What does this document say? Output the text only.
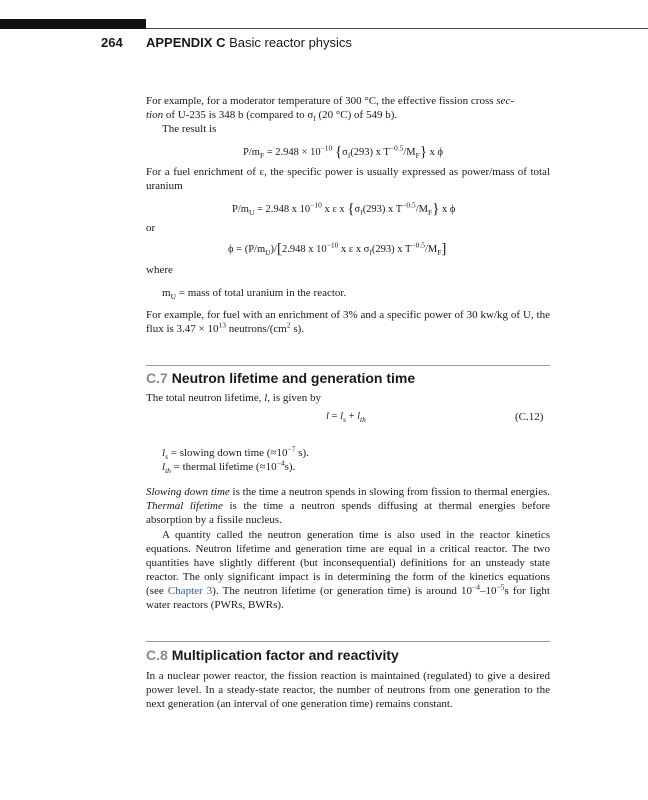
264 APPENDIX C Basic reactor physics

For example, for a moderator temperature of 300 °C, the effective fission cross sec-
tion of U-235 is 348 b (compared to $\sigma_f$ (20 °C) of 549 b).

The result is
$P/m_F = 2.948 \times 10^{-10}$ {$\sigma_f(293)$ x $T^{-0.5}/M_F$} x ϕ

For a fuel enrichment of ε, the specific power is usually expressed as power/mass of total uranium

$P/m_U = 2.948$ x $10^{-10}$ x ε x {$\sigma_f(293)$ x $T^{-0.5}/M_F$} x ϕ
or
$\phi = (P/m_U)/[2.948$ x $10^{-10}$ x ε x $\sigma_f(293)$ x $T^{-0.5}/M_F$]
where
$m_U$ = mass of total uranium in the reactor.

For example, for fuel with an enrichment of 3% and a specific power of 30 kw/kg of U, the flux is $3.47 \times 10^{13}$ neutrons/($cm^2$ s).

C.7 Neutron lifetime and generation time
The total neutron lifetime, l, is given by
$l = l_s + l_{th}$	(C.12)
$l_s$ = slowing down time ($\approx 10^{-7}$ s).
$l_{th}$ = thermal lifetime $(\approx 10^{-4}s)$.

Slowing down time is the time a neutron spends in slowing from fission to thermal energies. Thermal lifetime is the time a neutron spends diffusing at thermal energies before absorption by a fissile nucleus.

A quantity called the neutron generation time is also used in the reactor kinetics equations. Neutron lifetime and generation time are equal in a critical reactor. The two quantities have slightly different (but inconsequential) definitions for an unsteady state reactor. The only significant impact is in determining the form of the kinetics equations (see Chapter 3). The neutron lifetime (or generation time) is around $10^{-4}-10^{-5}s$ for light water reactors (PWRs, BWRs).

C.8 Multiplication factor and reactivity

In a nuclear power reactor, the fission reaction is maintained (regulated) to give a desired power level. In a steady-state reactor, the number of neutrons from one generation to the next generation (an interval of one generation time) remains constant.
